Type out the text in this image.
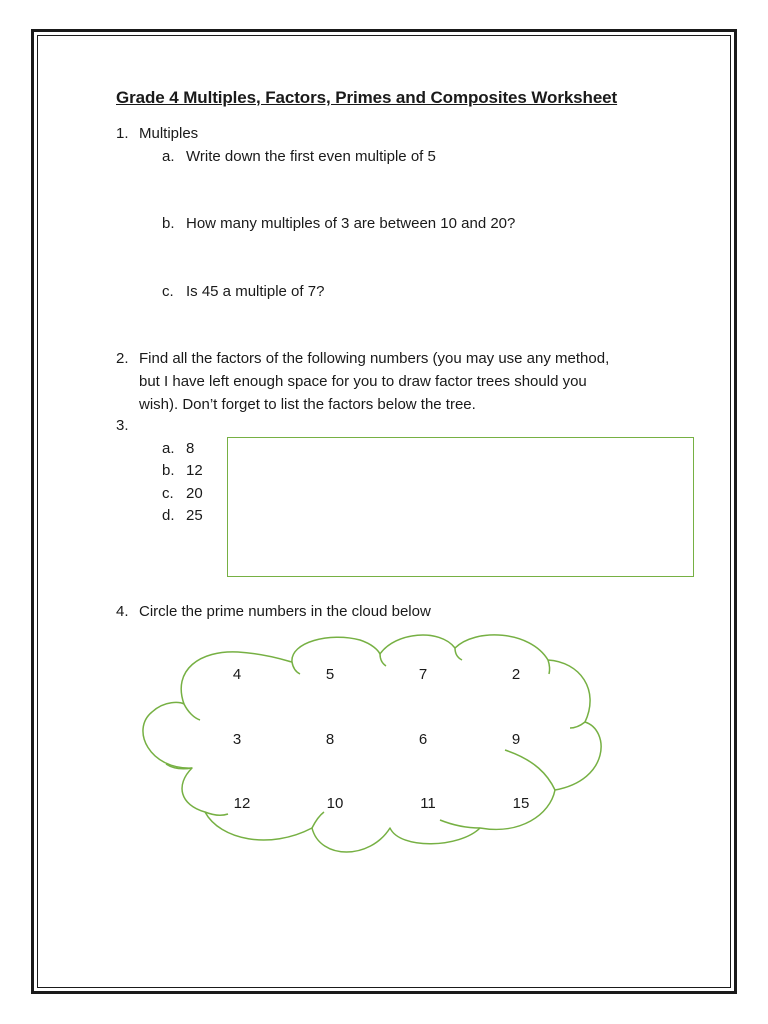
Grade 4 Multiples, Factors, Primes and Composites Worksheet
1. Multiples
a. Write down the first even multiple of 5
b. How many multiples of 3 are between 10 and 20?
c. Is 45 a multiple of 7?
2. Find all the factors of the following numbers (you may use any method,
but I have left enough space for you to draw factor trees should you
wish). Don’t forget to list the factors below the tree.
3.
a. 8
b. 12
c. 20
d. 25
4. Circle the prime numbers in the cloud below
4	5	7	2
3	8	6	9
12	10	11	15
